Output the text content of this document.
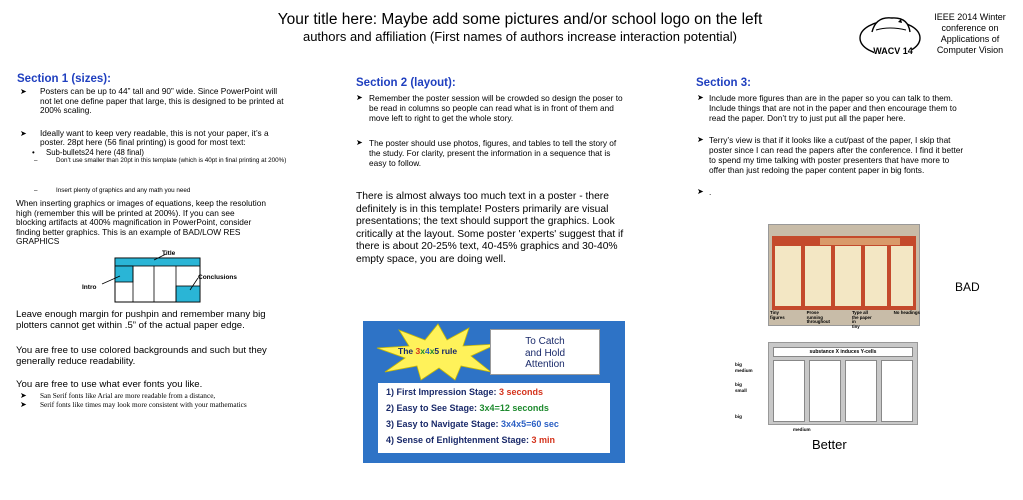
Your title here: Maybe add some pictures and/or school logo on the left
authors and affiliation (First names of authors increase interaction potential)
WACV 14
IEEE 2014 Winter
conference on
Applications of
Computer Vision
Section 1 (sizes):
➤ Posters can be up to 44” tall and 90” wide. Since PowerPoint will
not let one define paper that large, this is designed to be printed at
200% scaling.
➤ Ideally want to keep very readable, this is not your paper, it’s a
poster. 28pt here (56 final printing) is good for most text:
• Sub-bullets24 here (48 final)
–	Don’t use smaller than 20pt in this template (which is 40pt in final printing at 200%)
–	Insert plenty of graphics and any math you need
When inserting graphics or images of equations, keep the resolution
high (remember this will be printed at 200%). If you can see
blocking artifacts at 400% magnification in PowerPoint, consider
finding better graphics. This is an example of BAD/LOW RES
GRAPHICS
Title
Intro
Conclusions
Leave enough margin for pushpin and remember many big
plotters cannot get within .5” of the actual paper edge.
You are free to use colored backgrounds and such but they
generally reduce readability.
You are free to use what ever fonts you like.
➤ San Serif fonts like Arial are more readable from a distance,
➤ Serif fonts like times may look more consistent with your mathematics
Section 2 (layout):
➤ Remember the poster session will be crowded so design the poser to
be read in columns so people can read what is in front of them and
move left to right to get the whole story.
➤ The poster should use photos, figures, and tables to tell the story of
the study. For clarity, present the information in a sequence that is
easy to follow.
There is almost always too much text in a poster - there
definitely is in this template! Posters primarily are visual
presentations; the text should support the graphics. Look
critically at the layout. Some poster 'experts' suggest that if
there is about 20-25% text, 40-45% graphics and 30-40%
empty space, you are doing well.
The 3x4x5 rule
To Catch
and Hold
Attention
1) First Impression Stage: 3 seconds
2) Easy to See Stage: 3x4=12 seconds
3) Easy to Navigate Stage: 3x4x5=60 sec
4) Sense of Enlightenment Stage: 3 min
Section 3:
➤ Include more figures than are in the paper so you can talk to them.
Include things that are not in the paper and then encourage them to
read the paper. Don’t try to just put all the paper here.
➤ Terry’s view is that if it looks like a cut/past of the paper, I skip that
poster since I can read the papers after the conference. I find it better
to spend my time talking with poster presenters that have more to
offer than just redoing the paper content paper in big fonts.
➤ .
Tiny
figures
Prose
running
throughout
Type all
the paper
in
tiny
No headings
BAD
substance X induces Y-cells
big
medium
big
small
big
medium
Better
